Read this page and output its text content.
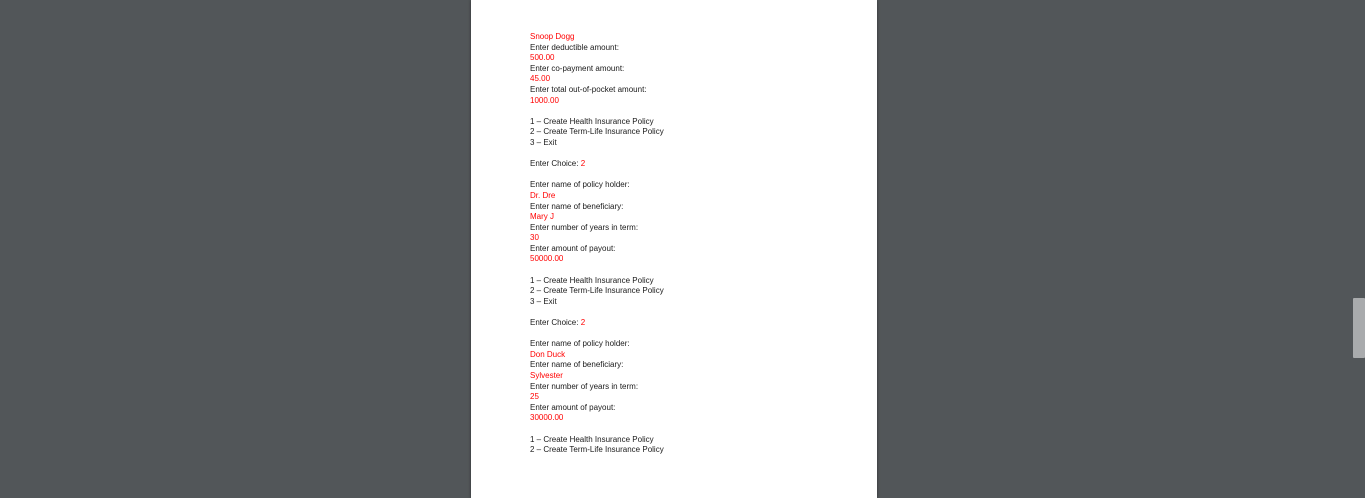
Snoop Dogg
Enter deductible amount:
500.00
Enter co-payment amount:
45.00
Enter total out-of-pocket amount:
1000.00
1 – Create Health Insurance Policy
2 – Create Term-Life Insurance Policy
3 – Exit
Enter Choice: 2
Enter name of policy holder:
Dr. Dre
Enter name of beneficiary:
Mary J
Enter number of years in term:
30
Enter amount of payout:
50000.00
1 – Create Health Insurance Policy
2 – Create Term-Life Insurance Policy
3 – Exit
Enter Choice: 2
Enter name of policy holder:
Don Duck
Enter name of beneficiary:
Sylvester
Enter number of years in term:
25
Enter amount of payout:
30000.00
1 – Create Health Insurance Policy
2 – Create Term-Life Insurance Policy
